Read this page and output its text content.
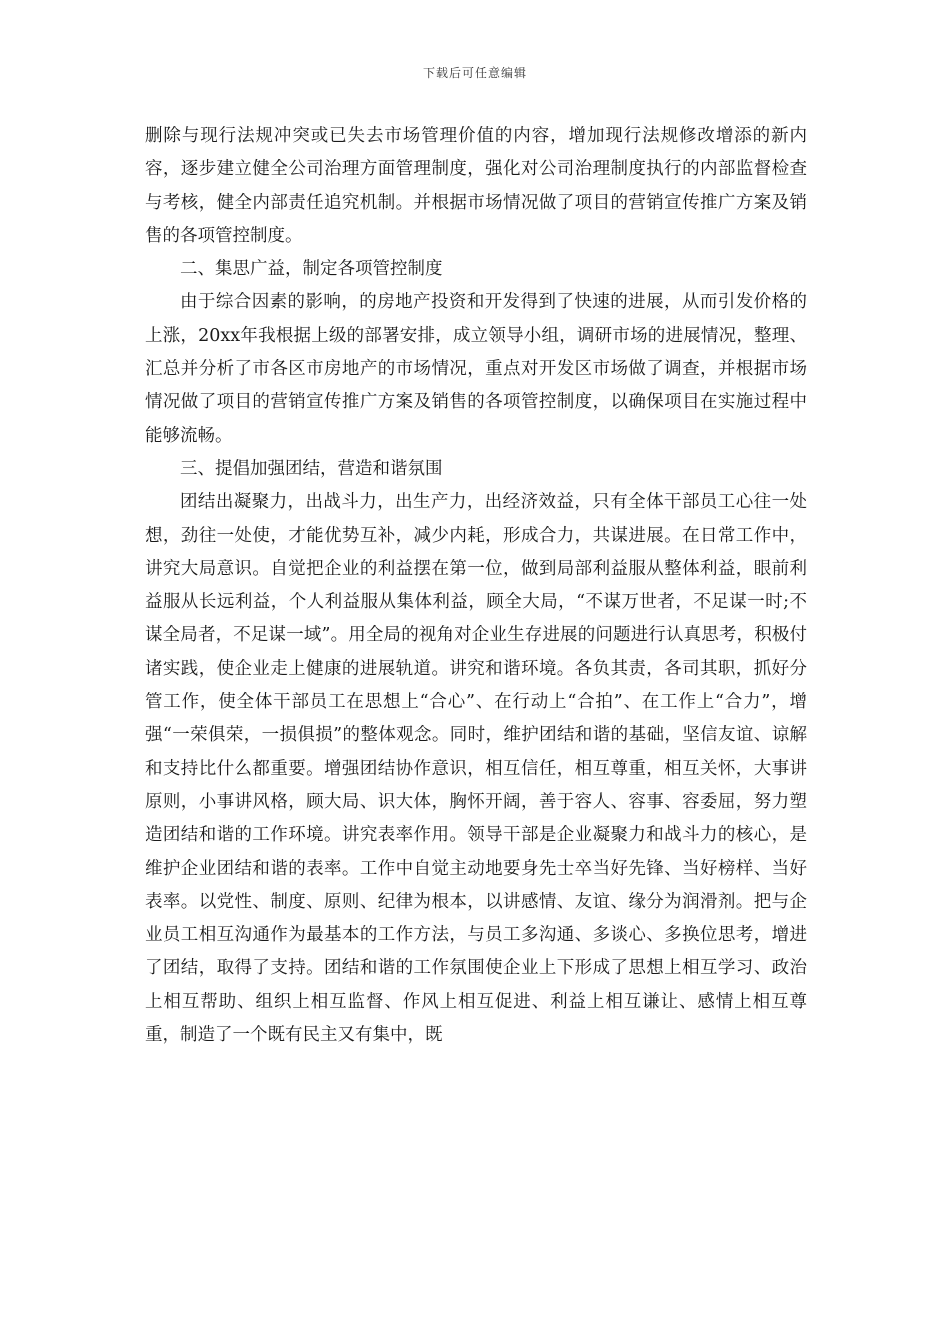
下载后可任意编辑

删除与现行法规冲突或已失去市场管理价值的内容，增加现行法规修改增添的新内容，逐步建立健全公司治理方面管理制度，强化对公司治理制度执行的内部监督检查与考核，健全内部责任追究机制。并根据市场情况做了项目的营销宣传推广方案及销售的各项管控制度。

二、集思广益，制定各项管控制度

由于综合因素的影响，的房地产投资和开发得到了快速的进展，从而引发价格的上涨，20xx年我根据上级的部署安排，成立领导小组，调研市场的进展情况，整理、汇总并分析了市各区市房地产的市场情况，重点对开发区市场做了调查，并根据市场情况做了项目的营销宣传推广方案及销售的各项管控制度，以确保项目在实施过程中能够流畅。

三、提倡加强团结，营造和谐氛围

团结出凝聚力，出战斗力，出生产力，出经济效益，只有全体干部员工心往一处想，劲往一处使，才能优势互补，减少内耗，形成合力，共谋进展。在日常工作中，讲究大局意识。自觉把企业的利益摆在第一位，做到局部利益服从整体利益，眼前利益服从长远利益，个人利益服从集体利益，顾全大局，“不谋万世者，不足谋一时;不谋全局者，不足谋一域”。用全局的视角对企业生存进展的问题进行认真思考，积极付诸实践，使企业走上健康的进展轨道。讲究和谐环境。各负其责，各司其职，抓好分管工作，使全体干部员工在思想上“合心”、在行动上“合拍”、在工作上“合力”，增强“一荣俱荣，一损俱损”的整体观念。同时，维护团结和谐的基础，坚信友谊、谅解和支持比什么都重要。增强团结协作意识，相互信任，相互尊重，相互关怀，大事讲原则，小事讲风格，顾大局、识大体，胸怀开阔，善于容人、容事、容委屈，努力塑造团结和谐的工作环境。讲究表率作用。领导干部是企业凝聚力和战斗力的核心，是维护企业团结和谐的表率。工作中自觉主动地要身先士卒当好先锋、当好榜样、当好表率。以党性、制度、原则、纪律为根本，以讲感情、友谊、缘分为润滑剂。把与企业员工相互沟通作为最基本的工作方法，与员工多沟通、多谈心、多换位思考，增进了团结，取得了支持。团结和谐的工作氛围使企业上下形成了思想上相互学习、政治上相互帮助、组织上相互监督、作风上相互促进、利益上相互谦让、感情上相互尊重，制造了一个既有民主又有集中，既
